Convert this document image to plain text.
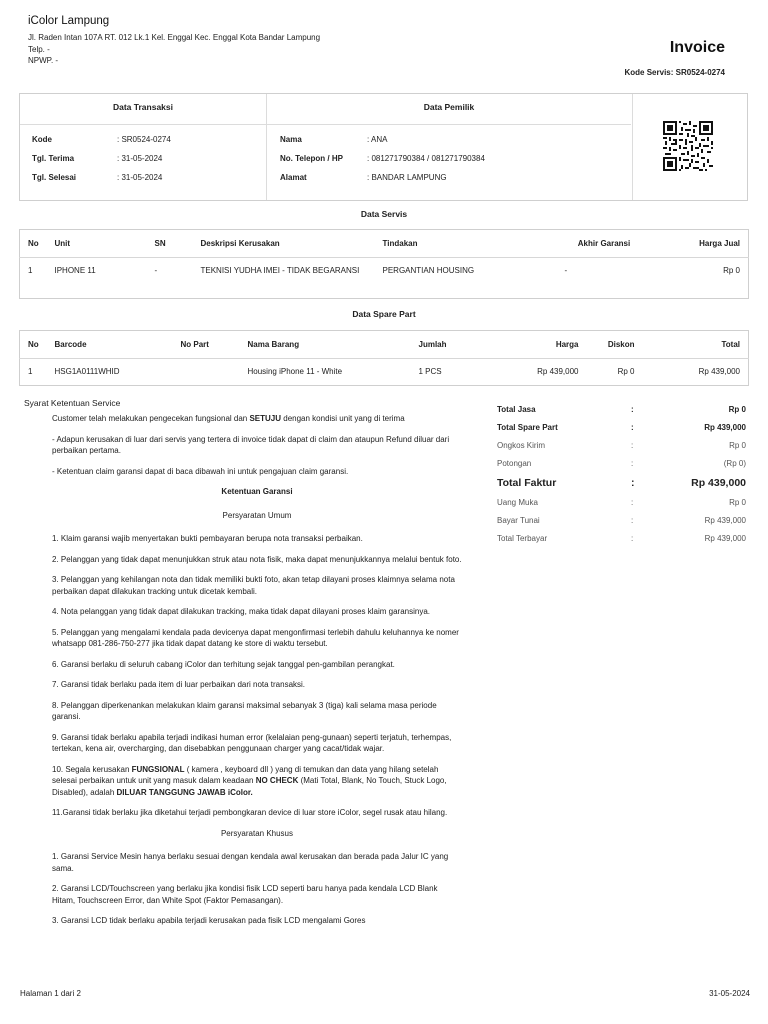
iColor Lampung
Jl. Raden Intan 107A RT. 012 Lk.1 Kel. Enggal Kec. Enggal Kota Bandar Lampung
Telp. -
NPWP. -
Invoice
Kode Servis: SR0524-0274
Data Transaksi	Data Pemilik
Kode	: SR0524-0274
Tgl. Terima	: 31-05-2024
Tgl. Selesai	: 31-05-2024
Nama	: ANA
No. Telepon / HP	: 081271790384 / 081271790384
Alamat	: BANDAR LAMPUNG
Data Servis
No	Unit	SN	Deskripsi Kerusakan	Tindakan	Akhir Garansi	Harga Jual
1	IPHONE 11	-	TEKNISI YUDHA IMEI - TIDAK BEGARANSI	PERGANTIAN HOUSING	-	Rp 0
Data Spare Part
No	Barcode	No Part	Nama Barang	Jumlah	Harga	Diskon	Total
1	HSG1A0111WHID		Housing iPhone 11 - White	1 PCS	Rp 439,000	Rp 0	Rp 439,000
Syarat Ketentuan Service

Customer telah melakukan pengecekan fungsional dan SETUJU dengan kondisi unit yang di terima

- Adapun kerusakan di luar dari servis yang tertera di invoice tidak dapat di claim dan ataupun Refund diluar dari perbaikan pertama.

- Ketentuan claim garansi dapat di baca dibawah ini untuk pengajuan claim garansi.

Ketentuan Garansi

Persyaratan Umum

1. Klaim garansi wajib menyertakan bukti pembayaran berupa nota transaksi perbaikan.

2. Pelanggan yang tidak dapat menunjukkan struk atau nota fisik, maka dapat menunjukkannya melalui bentuk foto.

3. Pelanggan yang kehilangan nota dan tidak memiliki bukti foto, akan tetap dilayani proses klaimnya selama nota perbaikan dapat dilakukan tracking untuk dicetak kembali.

4. Nota pelanggan yang tidak dapat dilakukan tracking, maka tidak dapat dilayani proses klaim garansinya.

5. Pelanggan yang mengalami kendala pada devicenya dapat mengonfirmasi terlebih dahulu keluhannya ke nomer whatsapp 081-286-750-277 jika tidak dapat datang ke store di waktu tersebut.

6. Garansi berlaku di seluruh cabang iColor dan terhitung sejak tanggal pen-gambilan perangkat.

7. Garansi tidak berlaku pada item di luar perbaikan dari nota transaksi.

8. Pelanggan diperkenankan melakukan klaim garansi maksimal sebanyak 3 (tiga) kali selama masa periode garansi.

9. Garansi tidak berlaku apabila terjadi indikasi human error (kelalaian peng-gunaan) seperti terjatuh, terhempas, tertekan, kena air, overcharging, dan disebabkan penggunaan charger yang cacat/tidak wajar.

10. Segala kerusakan FUNGSIONAL ( kamera , keyboard dll ) yang di temukan dan data yang hilang setelah selesai perbaikan untuk unit yang masuk dalam keadaan NO CHECK (Mati Total, Blank, No Touch, Stuck Logo, Disabled), adalah DILUAR TANGGUNG JAWAB iColor.

11.Garansi tidak berlaku jika diketahui terjadi pembongkaran device di luar store iColor, segel rusak atau hilang.

Persyaratan Khusus

1. Garansi Service Mesin hanya berlaku sesuai dengan kendala awal kerusakan dan berada pada Jalur IC yang sama.

2. Garansi LCD/Touchscreen yang berlaku jika kondisi fisik LCD seperti baru hanya pada kendala LCD Blank Hitam, Touchscreen Error, dan White Spot (Faktor Pemasangan).

3. Garansi LCD tidak berlaku apabila terjadi kerusakan pada fisik LCD mengalami Gores

Total Jasa	:	Rp 0
Total Spare Part	:	Rp 439,000
Ongkos Kirim	:	Rp 0
Potongan	:	(Rp 0)
Total Faktur	:	Rp 439,000
Uang Muka	:	Rp 0
Bayar Tunai	:	Rp 439,000
Total Terbayar	:	Rp 439,000
Halaman 1 dari 2	31-05-2024
